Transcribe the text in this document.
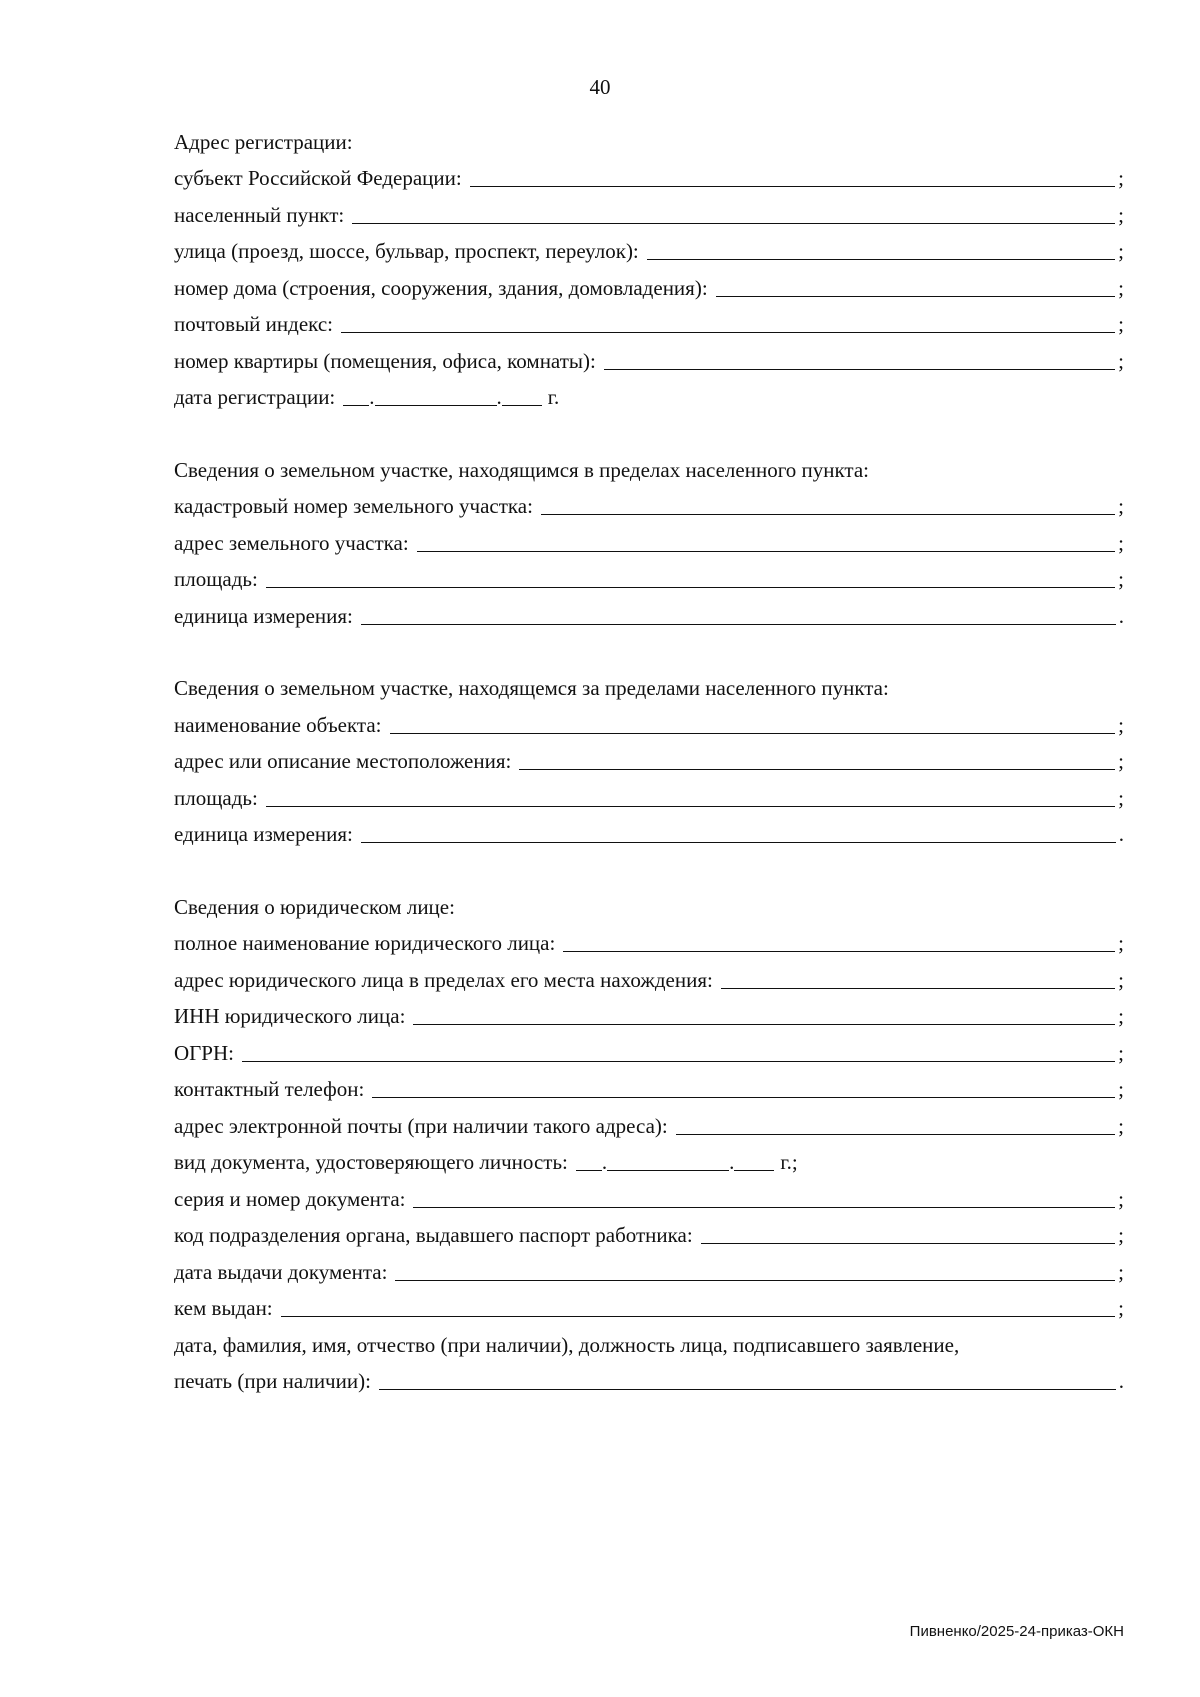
40
Адрес регистрации:
субъект Российской Федерации:	;
населенный пункт:	;
улица (проезд, шоссе, бульвар, проспект, переулок):	;
номер дома (строения, сооружения, здания, домовладения):	;
почтовый индекс:	;
номер квартиры (помещения, офиса, комнаты):	;
дата регистрации: .	. г.
Сведения о земельном участке, находящимся в пределах населенного пункта:
кадастровый номер земельного участка:	;
адрес земельного участка:	;
площадь:	;
единица измерения:	.
Сведения о земельном участке, находящемся за пределами населенного пункта:
наименование объекта:	;
адрес или описание местоположения:	;
площадь:	;
единица измерения:	.
Сведения о юридическом лице:
полное наименование юридического лица:	;
адрес юридического лица в пределах его места нахождения:	;
ИНН юридического лица:	;
ОГРН:	;
контактный телефон:	;
адрес электронной почты (при наличии такого адреса):	;
вид документа, удостоверяющего личность: .	. г.;
серия и номер документа:	;
код подразделения органа, выдавшего паспорт работника:	;
дата выдачи документа:	;
кем выдан:	;
дата, фамилия, имя, отчество (при наличии), должность лица, подписавшего заявление,
печать (при наличии):	.
Пивненко/2025-24-приказ-ОКН
